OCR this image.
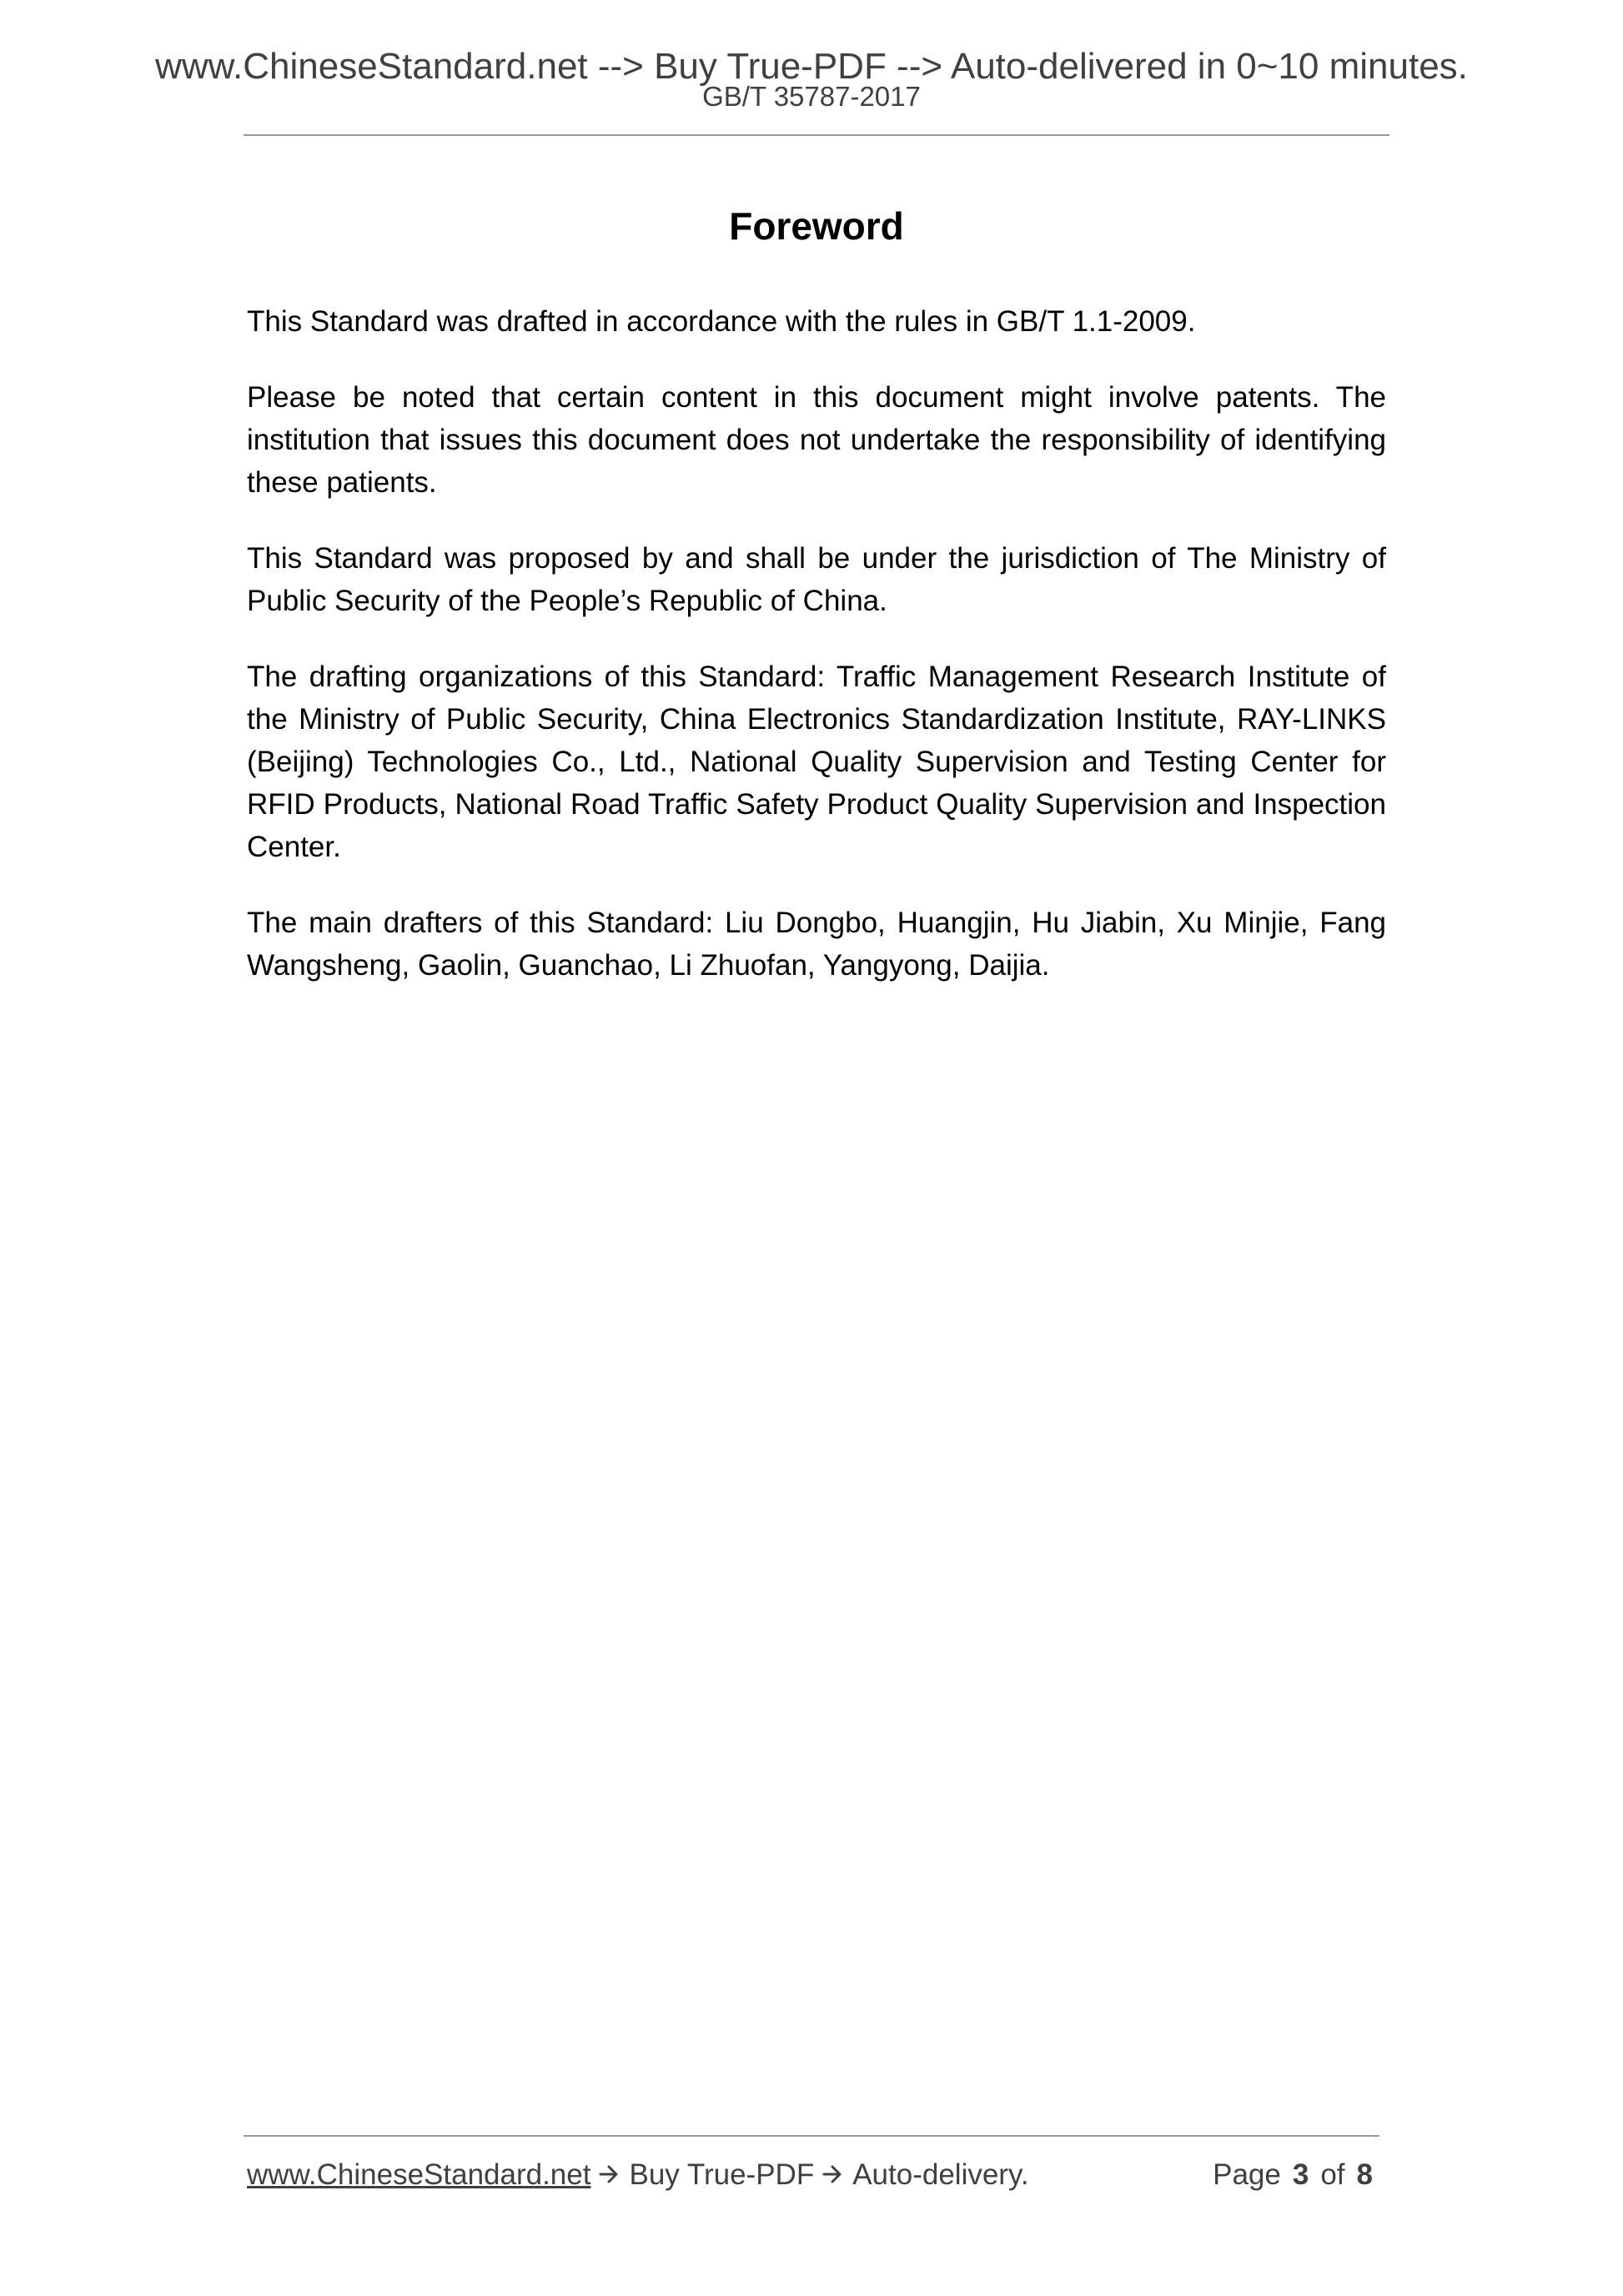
www.ChineseStandard.net --> Buy True-PDF --> Auto-delivered in 0~10 minutes.
GB/T 35787-2017
Foreword

This Standard was drafted in accordance with the rules in GB/T 1.1-2009.

Please be noted that certain content in this document might involve patents. The institution that issues this document does not undertake the responsibility of identifying these patients.

This Standard was proposed by and shall be under the jurisdiction of The Ministry of Public Security of the People’s Republic of China.

The drafting organizations of this Standard: Traffic Management Research Institute of the Ministry of Public Security, China Electronics Standardization Institute, RAY-LINKS (Beijing) Technologies Co., Ltd., National Quality Supervision and Testing Center for RFID Products, National Road Traffic Safety Product Quality Supervision and Inspection Center.

The main drafters of this Standard: Liu Dongbo, Huangjin, Hu Jiabin, Xu Minjie, Fang Wangsheng, Gaolin, Guanchao, Li Zhuofan, Yangyong, Daijia.

www.ChineseStandard.net Buy True-PDF Auto-delivery.	Page 3 of 8
